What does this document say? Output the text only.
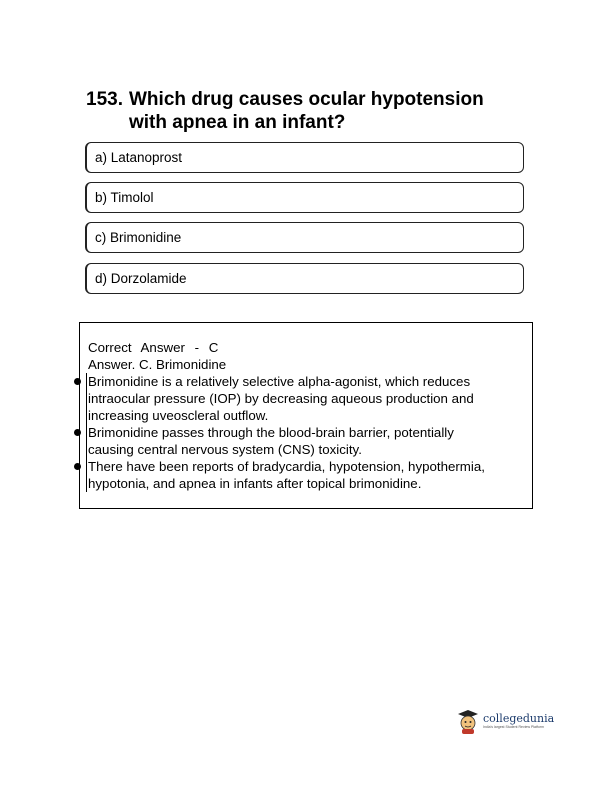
153. Which drug causes ocular hypotension
with apnea in an infant?
a) Latanoprost
b) Timolol
c) Brimonidine
d) Dorzolamide
Correct Answer - C
Answer. C. Brimonidine
Brimonidine is a relatively selective alpha-agonist, which reduces
intraocular pressure (IOP) by decreasing aqueous production and
increasing uveoscleral outflow.
Brimonidine passes through the blood-brain barrier, potentially
causing central nervous system (CNS) toxicity.
There have been reports of bradycardia, hypotension, hypothermia,
hypotonia, and apnea in infants after topical brimonidine.
collegedunia
India's largest Student Review Platform
